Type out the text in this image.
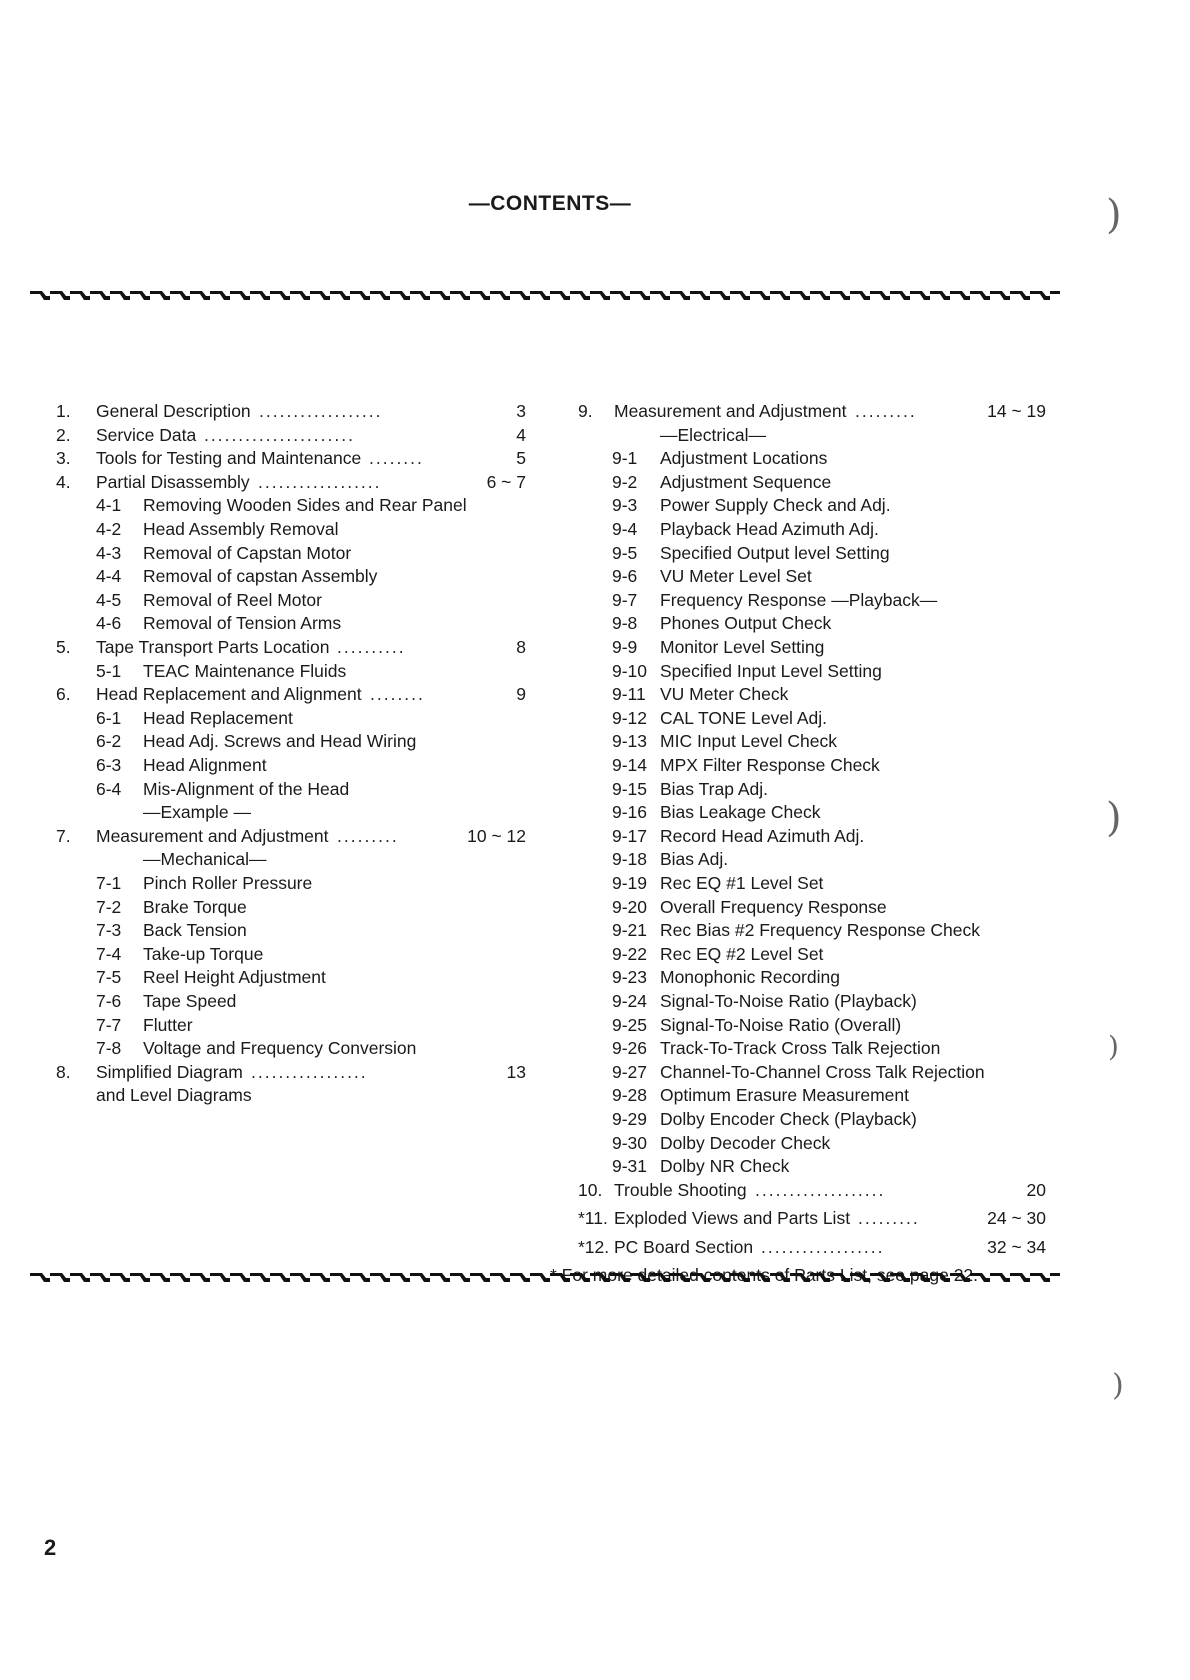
—CONTENTS—
1. General Description ..................	3
2. Service Data ......................	4
3. Tools for Testing and Maintenance ........	5
4. Partial Disassembly ..................	6 ~ 7
4-1 Removing Wooden Sides and Rear Panel
4-2 Head Assembly Removal
4-3 Removal of Capstan Motor
4-4 Removal of capstan Assembly
4-5 Removal of Reel Motor
4-6 Removal of Tension Arms
5. Tape Transport Parts Location ..........	8
5-1 TEAC Maintenance Fluids
6. Head Replacement and Alignment ........	9
6-1 Head Replacement
6-2 Head Adj. Screws and Head Wiring
6-3 Head Alignment
6-4 Mis-Alignment of the Head
—Example —
7. Measurement and Adjustment .........	10 ~ 12
—Mechanical—
7-1 Pinch Roller Pressure
7-2 Brake Torque
7-3 Back Tension
7-4 Take-up Torque
7-5 Reel Height Adjustment
7-6 Tape Speed
7-7 Flutter
7-8 Voltage and Frequency Conversion
8. Simplified Diagram .................	13
and Level Diagrams
9. Measurement and Adjustment .........	14 ~ 19
—Electrical—
9-1 Adjustment Locations
9-2 Adjustment Sequence
9-3 Power Supply Check and Adj.
9-4 Playback Head Azimuth Adj.
9-5 Specified Output level Setting
9-6 VU Meter Level Set
9-7 Frequency Response —Playback—
9-8 Phones Output Check
9-9 Monitor Level Setting
9-10 Specified Input Level Setting
9-11 VU Meter Check
9-12 CAL TONE Level Adj.
9-13 MIC Input Level Check
9-14 MPX Filter Response Check
9-15 Bias Trap Adj.
9-16 Bias Leakage Check
9-17 Record Head Azimuth Adj.
9-18 Bias Adj.
9-19 Rec EQ #1 Level Set
9-20 Overall Frequency Response
9-21 Rec Bias #2 Frequency Response Check
9-22 Rec EQ #2 Level Set
9-23 Monophonic Recording
9-24 Signal-To-Noise Ratio (Playback)
9-25 Signal-To-Noise Ratio (Overall)
9-26 Track-To-Track Cross Talk Rejection
9-27 Channel-To-Channel Cross Talk Rejection
9-28 Optimum Erasure Measurement
9-29 Dolby Encoder Check (Playback)
9-30 Dolby Decoder Check
9-31 Dolby NR Check
10. Trouble Shooting ...................	20
*11. Exploded Views and Parts List .........	24 ~ 30
*12. PC Board Section ..................	32 ~ 34
)
)
)
)
2
